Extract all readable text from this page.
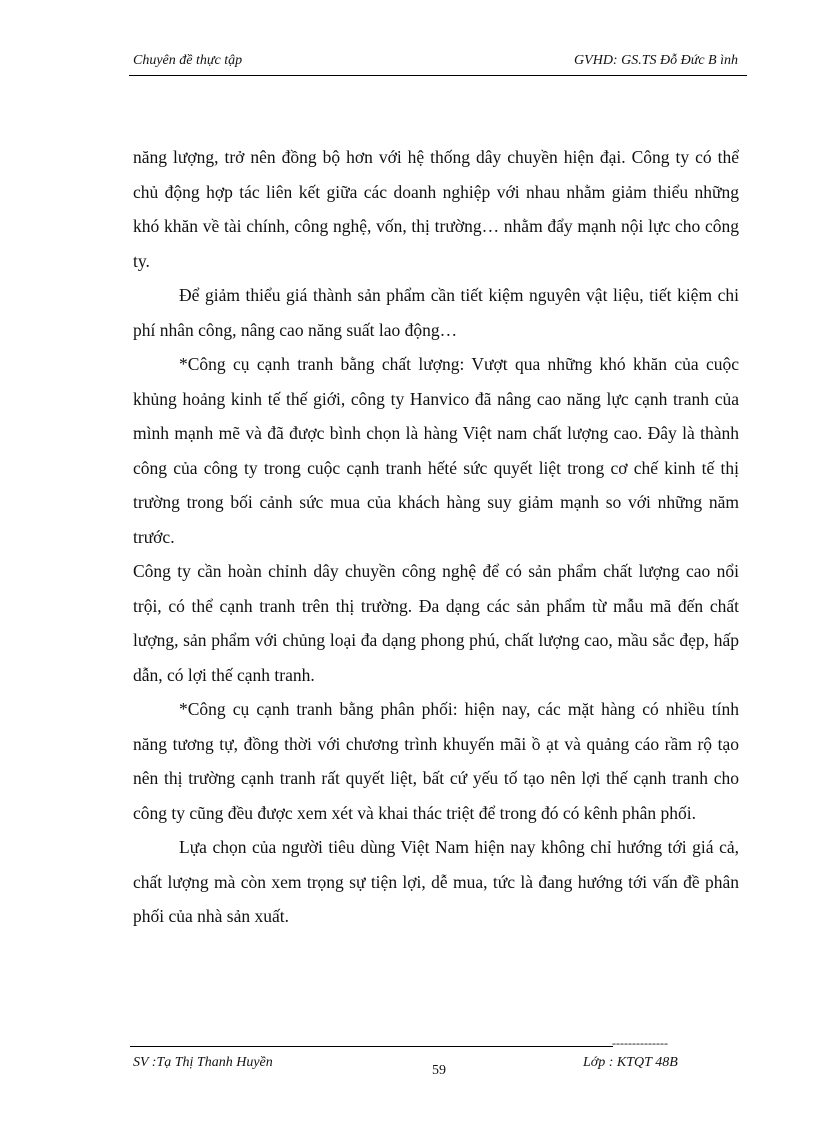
Chuyên đề thực tập	GVHD: GS.TS Đỗ Đức B ình

năng lượng, trở nên đồng bộ hơn với hệ thống dây chuyền hiện đại. Công ty có thể chủ động hợp tác liên kết giữa các doanh nghiệp với nhau nhằm giảm thiểu những khó khăn về tài chính, công nghệ, vốn, thị trường… nhằm đẩy mạnh nội lực cho công ty.

Để giảm thiểu giá thành sản phẩm cần tiết kiệm nguyên vật liệu, tiết kiệm chi phí nhân công, nâng cao năng suất lao động…

*Công cụ cạnh tranh bằng chất lượng: Vượt qua những khó khăn của cuộc khủng hoảng kinh tế thế giới, công ty Hanvico đã nâng cao năng lực cạnh tranh của mình mạnh mẽ và đã được bình chọn là hàng Việt nam chất lượng cao. Đây là thành công của công ty trong cuộc cạnh tranh hếté sức quyết liệt trong cơ chế kinh tế thị trường trong bối cảnh sức mua của khách hàng suy giảm mạnh so với những năm trước.

Công ty cần hoàn chỉnh dây chuyền công nghệ để có sản phẩm chất lượng cao nổi trội, có thể cạnh tranh trên thị trường. Đa dạng các sản phẩm từ mẫu mã đến chất lượng, sản phẩm với chủng loại đa dạng phong phú, chất lượng cao, mầu sắc đẹp, hấp dẫn, có lợi thế cạnh tranh.

*Công cụ cạnh tranh bằng phân phối: hiện nay, các mặt hàng có nhiều tính năng tương tự, đồng thời với chương trình khuyến mãi ồ ạt và quảng cáo rầm rộ tạo nên thị trường cạnh tranh rất quyết liệt, bất cứ yếu tố tạo nên lợi thế cạnh tranh cho công ty cũng đều được xem xét và khai thác triệt để trong đó có kênh phân phối.

Lựa chọn của người tiêu dùng Việt Nam hiện nay không chỉ hướng tới giá cả, chất lượng mà còn xem trọng sự tiện lợi, dễ mua, tức là đang hướng tới vấn đề phân phối của nhà sản xuất.

--------------
SV :Tạ Thị Thanh Huyền
59
Lớp : KTQT 48B
